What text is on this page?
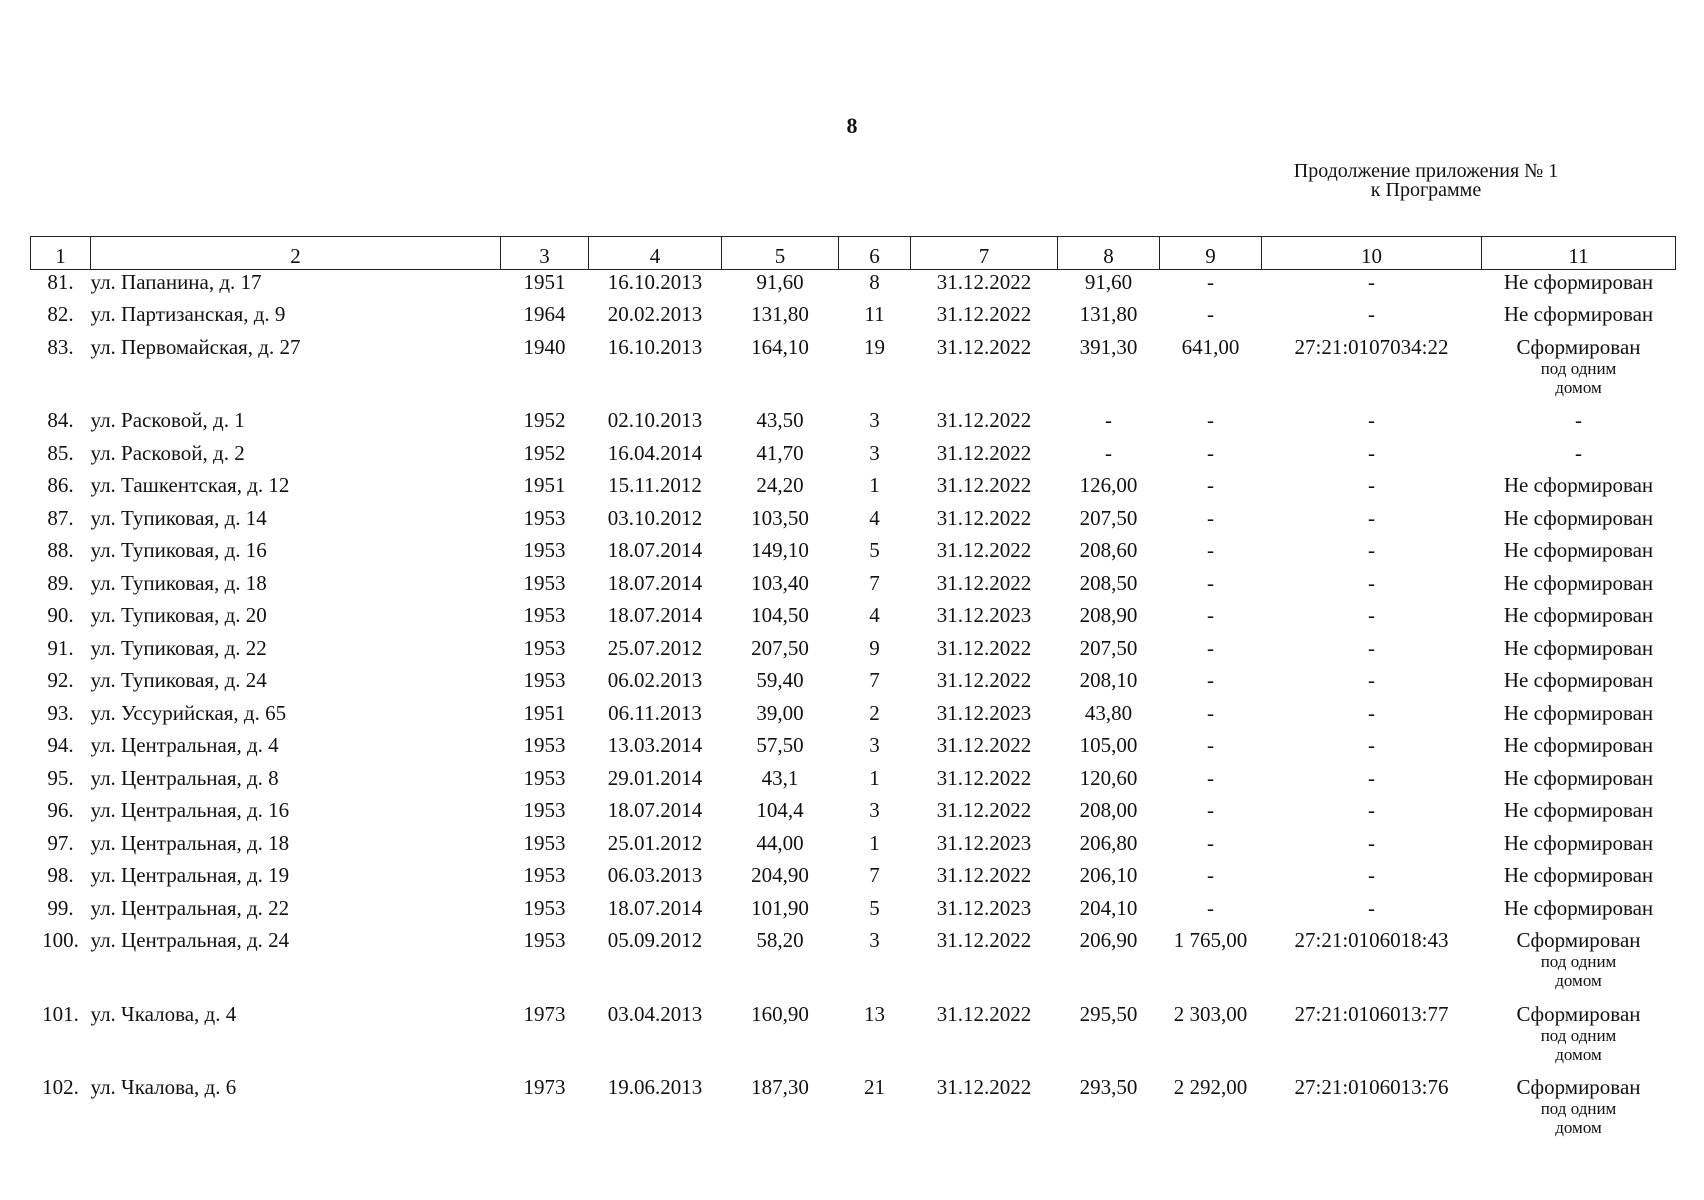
8
Продолжение приложения № 1
к Программе
1	2	3	4	5	6	7	8	9	10	11
81.	ул. Папанина, д. 17	1951	16.10.2013	91,60	8	31.12.2022	91,60	-	-	Не сформирован

82.	ул. Партизанская, д. 9	1964	20.02.2013	131,80	11	31.12.2022	131,80	-	-	Не сформирован

83.	ул. Первомайская, д. 27	1940	16.10.2013	164,10	19	31.12.2022	391,30	641,00	27:21:0107034:22	Сформирован
под одним
домом

84.	ул. Расковой, д. 1	1952	02.10.2013	43,50	3	31.12.2022	-	-	-	-

85.	ул. Расковой, д. 2	1952	16.04.2014	41,70	3	31.12.2022	-	-	-	-

86.	ул. Ташкентская, д. 12	1951	15.11.2012	24,20	1	31.12.2022	126,00	-	-	Не сформирован

87.	ул. Тупиковая, д. 14	1953	03.10.2012	103,50	4	31.12.2022	207,50	-	-	Не сформирован

88.	ул. Тупиковая, д. 16	1953	18.07.2014	149,10	5	31.12.2022	208,60	-	-	Не сформирован

89.	ул. Тупиковая, д. 18	1953	18.07.2014	103,40	7	31.12.2022	208,50	-	-	Не сформирован

90.	ул. Тупиковая, д. 20	1953	18.07.2014	104,50	4	31.12.2023	208,90	-	-	Не сформирован

91.	ул. Тупиковая, д. 22	1953	25.07.2012	207,50	9	31.12.2022	207,50	-	-	Не сформирован

92.	ул. Тупиковая, д. 24	1953	06.02.2013	59,40	7	31.12.2022	208,10	-	-	Не сформирован

93.	ул. Уссурийская, д. 65	1951	06.11.2013	39,00	2	31.12.2023	43,80	-	-	Не сформирован

94.	ул. Центральная, д. 4	1953	13.03.2014	57,50	3	31.12.2022	105,00	-	-	Не сформирован

95.	ул. Центральная, д. 8	1953	29.01.2014	43,1	1	31.12.2022	120,60	-	-	Не сформирован

96.	ул. Центральная, д. 16	1953	18.07.2014	104,4	3	31.12.2022	208,00	-	-	Не сформирован

97.	ул. Центральная, д. 18	1953	25.01.2012	44,00	1	31.12.2023	206,80	-	-	Не сформирован

98.	ул. Центральная, д. 19	1953	06.03.2013	204,90	7	31.12.2022	206,10	-	-	Не сформирован

99.	ул. Центральная, д. 22	1953	18.07.2014	101,90	5	31.12.2023	204,10	-	-	Не сформирован

100.	ул. Центральная, д. 24	1953	05.09.2012	58,20	3	31.12.2022	206,90	1 765,00	27:21:0106018:43	Сформирован
под одним
домом

101.	ул. Чкалова, д. 4	1973	03.04.2013	160,90	13	31.12.2022	295,50	2 303,00	27:21:0106013:77	Сформирован
под одним
домом

102.	ул. Чкалова, д. 6	1973	19.06.2013	187,30	21	31.12.2022	293,50	2 292,00	27:21:0106013:76	Сформирован
под одним
домом
